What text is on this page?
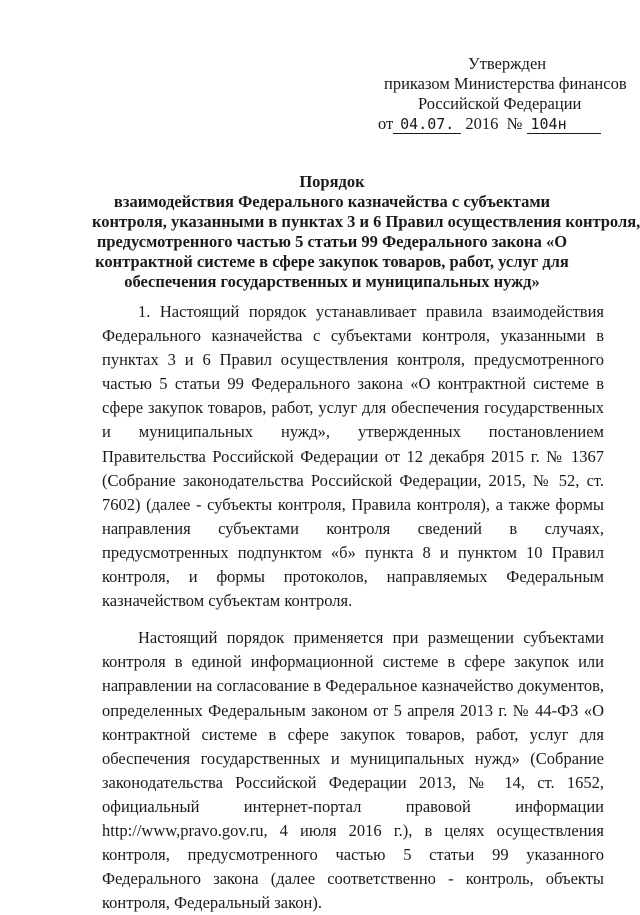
Утвержден
приказом Министерства финансов
Российской Федерации
от 04.07. 2016 № 104н
Порядок
взаимодействия Федерального казначейства с субъектами
контроля, указанными в пунктах 3 и 6 Правил осуществления контроля,
предусмотренного частью 5 статьи 99 Федерального закона «О
контрактной системе в сфере закупок товаров, работ, услуг для
обеспечения государственных и муниципальных нужд»

1. Настоящий порядок устанавливает правила взаимодействия Федерального казначейства с субъектами контроля, указанными в пунктах 3 и 6 Правил осуществления контроля, предусмотренного частью 5 статьи 99 Федерального закона «О контрактной системе в сфере закупок товаров, работ, услуг для обеспечения государственных и муниципальных нужд», утвержденных постановлением Правительства Российской Федерации от 12 декабря 2015 г. № 1367 (Собрание законодательства Российской Федерации, 2015, № 52, ст. 7602) (далее - субъекты контроля, Правила контроля), а также формы направления субъектами контроля сведений в случаях, предусмотренных подпунктом «б» пункта 8 и пунктом 10 Правил контроля, и формы протоколов, направляемых Федеральным казначейством субъектам контроля.

Настоящий порядок применяется при размещении субъектами контроля в единой информационной системе в сфере закупок или направлении на согласование в Федеральное казначейство документов, определенных Федеральным законом от 5 апреля 2013 г. № 44-ФЗ «О контрактной системе в сфере закупок товаров, работ, услуг для обеспечения государственных и муниципальных нужд» (Собрание законодательства Российской Федерации 2013, № 14, ст. 1652, официальный интернет-портал правовой информации http://www,pravo.gov.ru, 4 июля 2016 г.), в целях осуществления контроля, предусмотренного частью 5 статьи 99 указанного Федерального закона (далее соответственно - контроль, объекты контроля, Федеральный закон).
